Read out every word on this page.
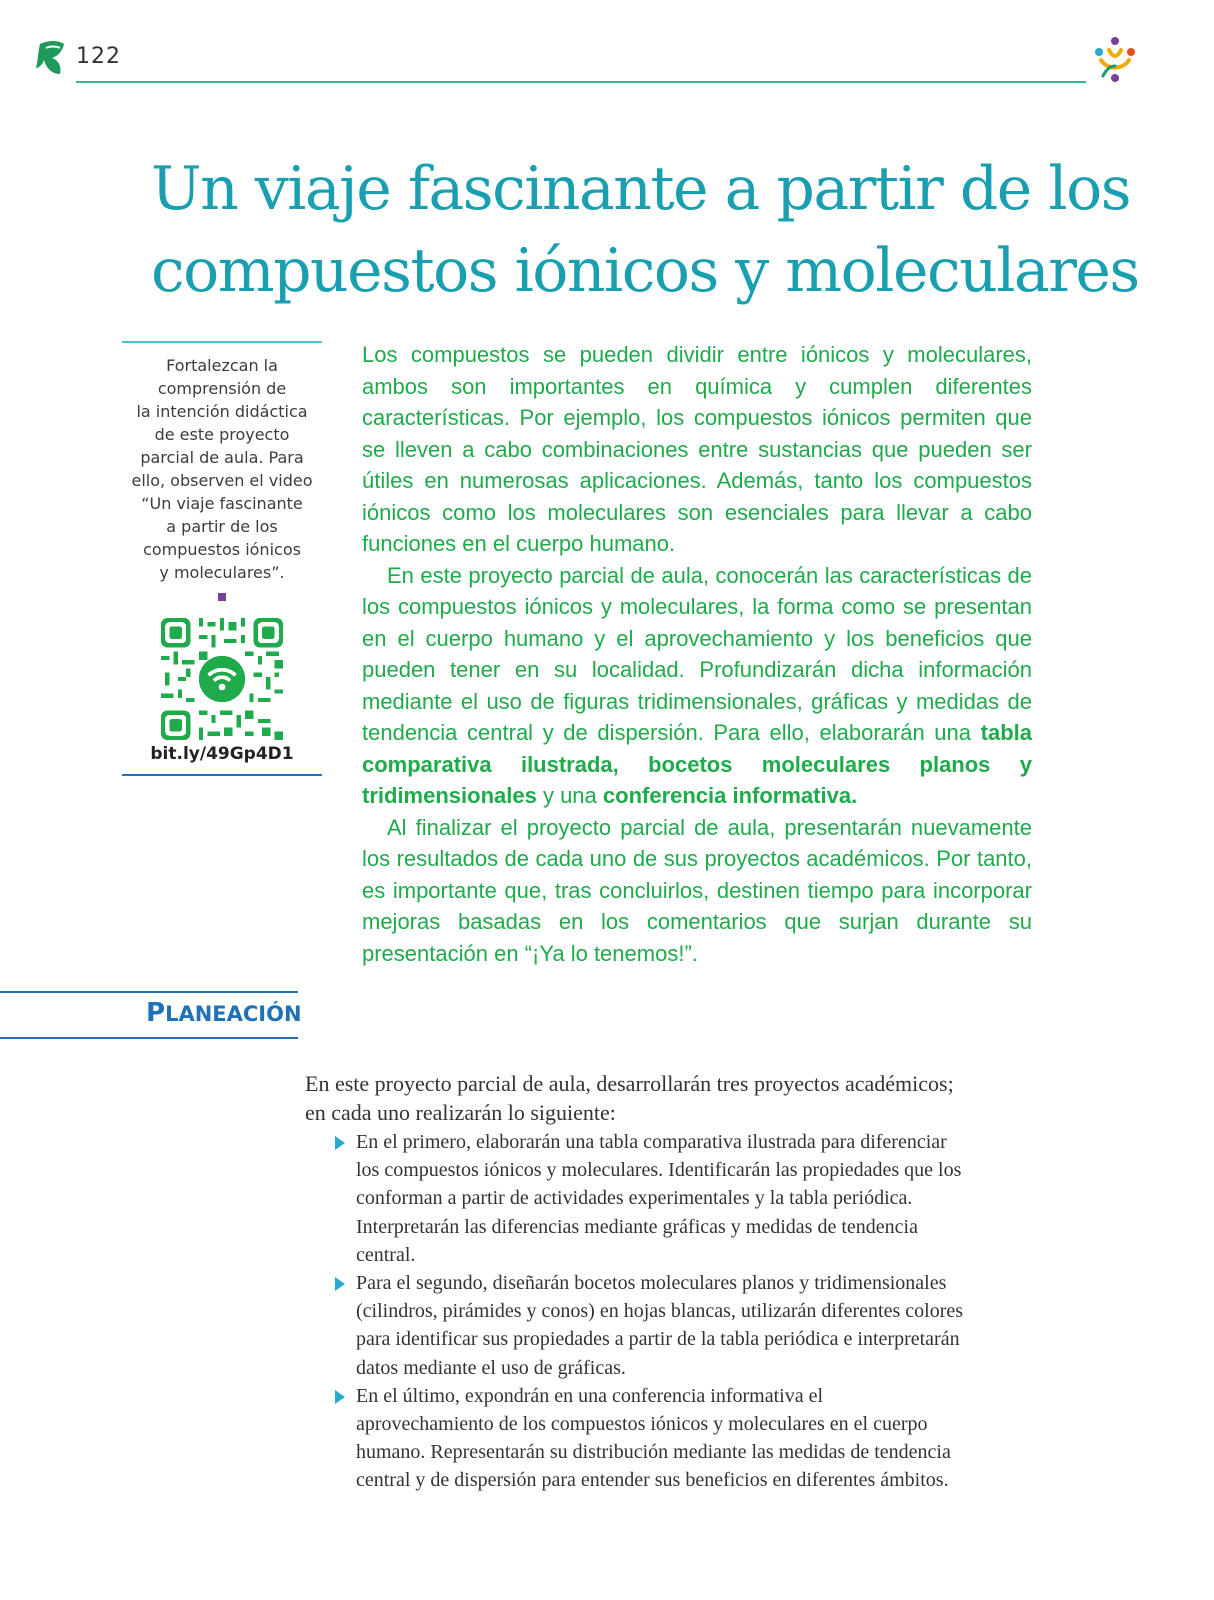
122
Un viaje fascinante a partir de los
compuestos iónicos y moleculares

Fortalezcan la
comprensión de
la intención didáctica
de este proyecto
parcial de aula. Para
ello, observen el video
“Un viaje fascinante
a partir de los
compuestos iónicos
y moleculares”.

bit.ly/49Gp4D1

Los compuestos se pueden dividir entre iónicos y moleculares, ambos son importantes en química y cumplen diferentes características. Por ejemplo, los compuestos iónicos permiten que se lleven a cabo combinaciones entre sustancias que pueden ser útiles en numerosas aplicaciones. Además, tanto los compuestos iónicos como los moleculares son esenciales para llevar a cabo funciones en el cuerpo humano.

En este proyecto parcial de aula, conocerán las características de los compuestos iónicos y moleculares, la forma como se presentan en el cuerpo humano y el aprovechamiento y los beneficios que pueden tener en su localidad. Profundizarán dicha información mediante el uso de figuras tridimensionales, gráficas y medidas de tendencia central y de dispersión. Para ello, elaborarán una tabla comparativa ilustrada, bocetos moleculares planos y tridimensionales y una conferencia informativa.

Al finalizar el proyecto parcial de aula, presentarán nuevamente los resultados de cada uno de sus proyectos académicos. Por tanto, es importante que, tras concluirlos, destinen tiempo para incorporar mejoras basadas en los comentarios que surjan durante su presentación en “¡Ya lo tenemos!”.

PLANEACIÓN

En este proyecto parcial de aula, desarrollarán tres proyectos académicos; en cada uno realizarán lo siguiente:

En el primero, elaborarán una tabla comparativa ilustrada para diferenciar los compuestos iónicos y moleculares. Identificarán las propiedades que los conforman a partir de actividades experimentales y la tabla periódica. Interpretarán las diferencias mediante gráficas y medidas de tendencia central.
Para el segundo, diseñarán bocetos moleculares planos y tridimensionales (cilindros, pirámides y conos) en hojas blancas, utilizarán diferentes colores para identificar sus propiedades a partir de la tabla periódica e interpretarán datos mediante el uso de gráficas.
En el último, expondrán en una conferencia informativa el aprovechamiento de los compuestos iónicos y moleculares en el cuerpo humano. Representarán su distribución mediante las medidas de tendencia central y de dispersión para entender sus beneficios en diferentes ámbitos.
